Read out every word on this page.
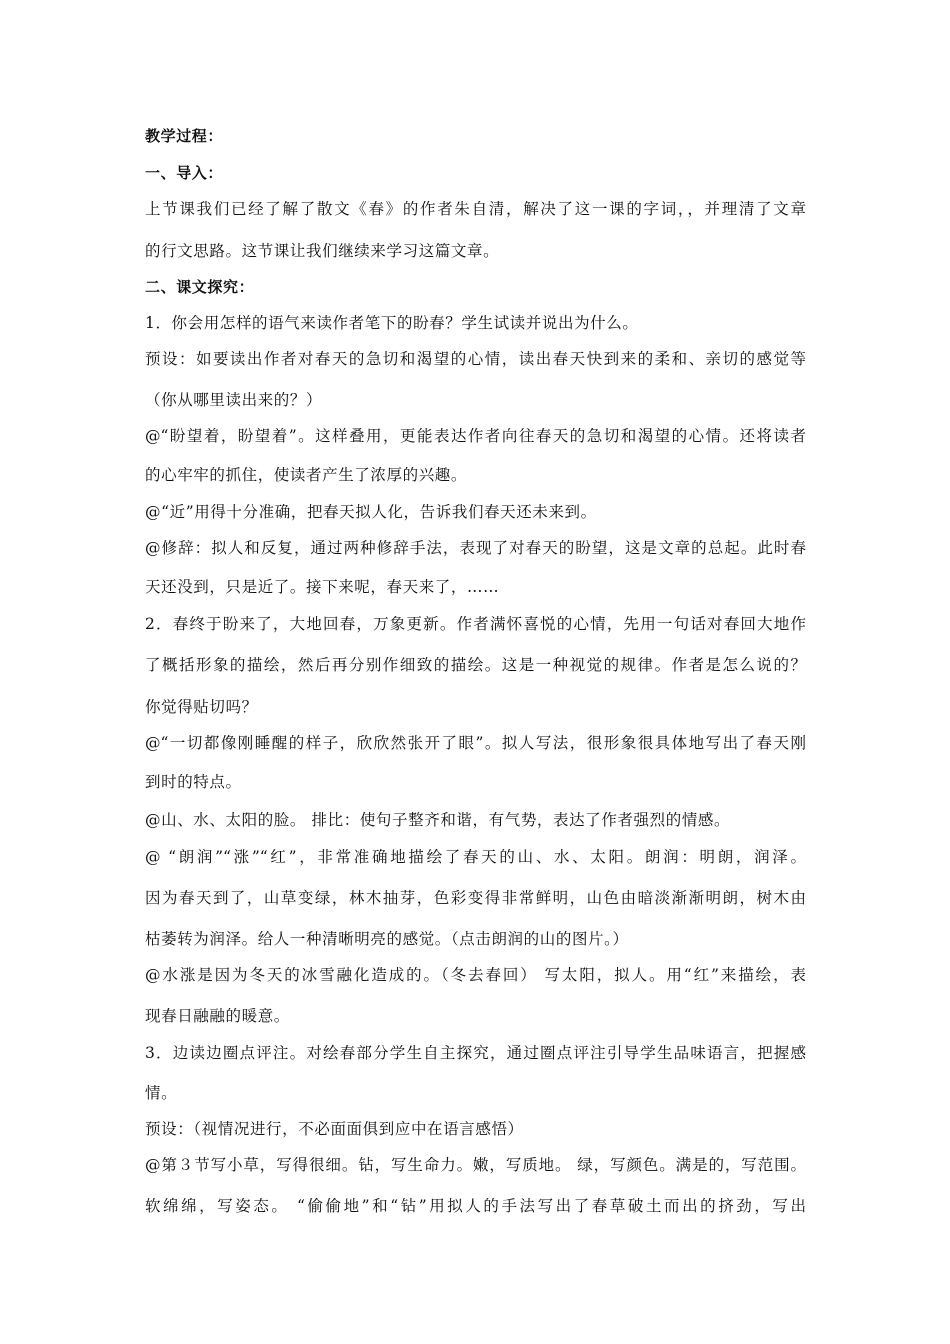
教学过程：
一、导入：
上节课我们已经了解了散文《春》的作者朱自清，解决了这一课的字词，，并理清了文章
的行文思路。这节课让我们继续来学习这篇文章。
二、课文探究：
1．你会用怎样的语气来读作者笔下的盼春？学生试读并说出为什么。
预设：如要读出作者对春天的急切和渴望的心情，读出春天快到来的柔和、亲切的感觉等
（你从哪里读出来的？）
@“盼望着，盼望着”。这样叠用，更能表达作者向往春天的急切和渴望的心情。还将读者
的心牢牢的抓住，使读者产生了浓厚的兴趣。
@“近”用得十分准确，把春天拟人化，告诉我们春天还未来到。
@修辞：拟人和反复，通过两种修辞手法，表现了对春天的盼望，这是文章的总起。此时春
天还没到，只是近了。接下来呢，春天来了，……
2．春终于盼来了，大地回春，万象更新。作者满怀喜悦的心情，先用一句话对春回大地作
了概括形象的描绘，然后再分别作细致的描绘。这是一种视觉的规律。作者是怎么说的？
你觉得贴切吗？
@“一切都像刚睡醒的样子，欣欣然张开了眼”。拟人写法，很形象很具体地写出了春天刚
到时的特点。
@山、水、太阳的脸。 排比：使句子整齐和谐，有气势，表达了作者强烈的情感。
@ “朗润”“涨”“红”，非常准确地描绘了春天的山、水、太阳。朗润：明朗，润泽。
因为春天到了，山草变绿，林木抽芽，色彩变得非常鲜明，山色由暗淡渐渐明朗，树木由
枯萎转为润泽。给人一种清晰明亮的感觉。（点击朗润的山的图片。）
@水涨是因为冬天的冰雪融化造成的。（冬去春回） 写太阳，拟人。用“红”来描绘，表
现春日融融的暖意。
3．边读边圈点评注。对绘春部分学生自主探究，通过圈点评注引导学生品味语言，把握感
情。
预设：（视情况进行，不必面面俱到应中在语言感悟）
@第３节写小草，写得很细。钻，写生命力。嫩，写质地。 绿，写颜色。满是的，写范围。
软绵绵，写姿态。 “偷偷地”和“钻”用拟人的手法写出了春草破土而出的挤劲，写出
